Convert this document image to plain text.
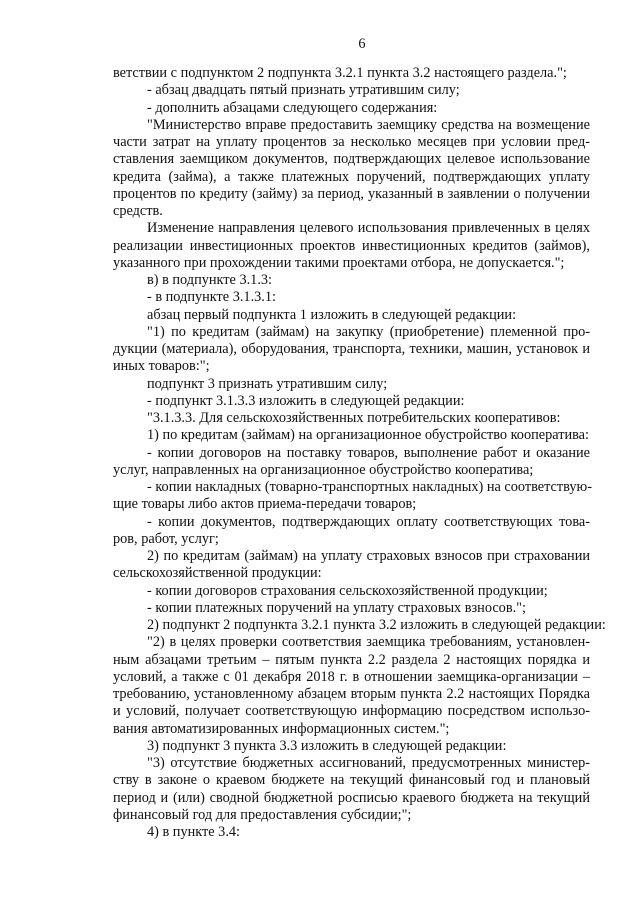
6
ветствии с подпунктом 2 подпункта 3.2.1 пункта 3.2 настоящего раздела.";
- абзац двадцать пятый признать утратившим силу;
- дополнить абзацами следующего содержания:
"Министерство вправе предоставить заемщику средства на возмещение
части затрат на уплату процентов за несколько месяцев при условии пред-
ставления заемщиком документов, подтверждающих целевое использование
кредита (займа), а также платежных поручений, подтверждающих уплату
процентов по кредиту (займу) за период, указанный в заявлении о получении
средств.
Изменение направления целевого использования привлеченных в целях
реализации инвестиционных проектов инвестиционных кредитов (займов),
указанного при прохождении такими проектами отбора, не допускается.";
в) в подпункте 3.1.3:
- в подпункте 3.1.3.1:
абзац первый подпункта 1 изложить в следующей редакции:
"1) по кредитам (займам) на закупку (приобретение) племенной про-
дукции (материала), оборудования, транспорта, техники, машин, установок и
иных товаров:";
подпункт 3 признать утратившим силу;
- подпункт 3.1.3.3 изложить в следующей редакции:
"3.1.3.3. Для сельскохозяйственных потребительских кооперативов:
1) по кредитам (займам) на организационное обустройство кооператива:
- копии договоров на поставку товаров, выполнение работ и оказание
услуг, направленных на организационное обустройство кооператива;
- копии накладных (товарно-транспортных накладных) на соответствую-
щие товары либо актов приема-передачи товаров;
- копии документов, подтверждающих оплату соответствующих това-
ров, работ, услуг;
2) по кредитам (займам) на уплату страховых взносов при страховании
сельскохозяйственной продукции:
- копии договоров страхования сельскохозяйственной продукции;
- копии платежных поручений на уплату страховых взносов.";
2) подпункт 2 подпункта 3.2.1 пункта 3.2 изложить в следующей редакции:
"2) в целях проверки соответствия заемщика требованиям, установлен-
ным абзацами третьим – пятым пункта 2.2 раздела 2 настоящих порядка и
условий, а также с 01 декабря 2018 г. в отношении заемщика-организации –
требованию, установленному абзацем вторым пункта 2.2 настоящих Порядка
и условий, получает соответствующую информацию посредством использо-
вания автоматизированных информационных систем.";
3) подпункт 3 пункта 3.3 изложить в следующей редакции:
"3) отсутствие бюджетных ассигнований, предусмотренных министер-
ству в законе о краевом бюджете на текущий финансовый год и плановый
период и (или) сводной бюджетной росписью краевого бюджета на текущий
финансовый год для предоставления субсидии;";
4) в пункте 3.4:
